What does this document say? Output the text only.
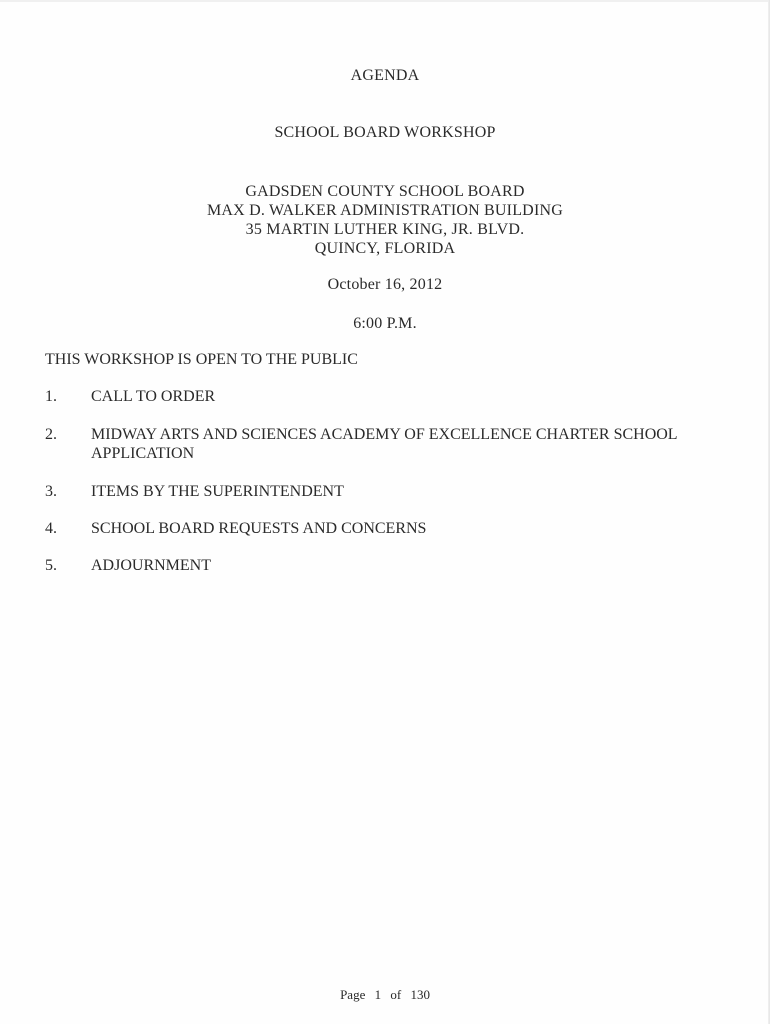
AGENDA
SCHOOL BOARD WORKSHOP
GADSDEN COUNTY SCHOOL BOARD
MAX D. WALKER ADMINISTRATION BUILDING
35 MARTIN LUTHER KING, JR. BLVD.
QUINCY, FLORIDA
October 16, 2012
6:00 P.M.
THIS WORKSHOP IS OPEN TO THE PUBLIC
1.	CALL TO ORDER
2.	MIDWAY ARTS AND SCIENCES ACADEMY OF EXCELLENCE CHARTER SCHOOL APPLICATION
3.	ITEMS BY THE SUPERINTENDENT
4.	SCHOOL BOARD REQUESTS AND CONCERNS
5.	ADJOURNMENT
Page 1 of 130
